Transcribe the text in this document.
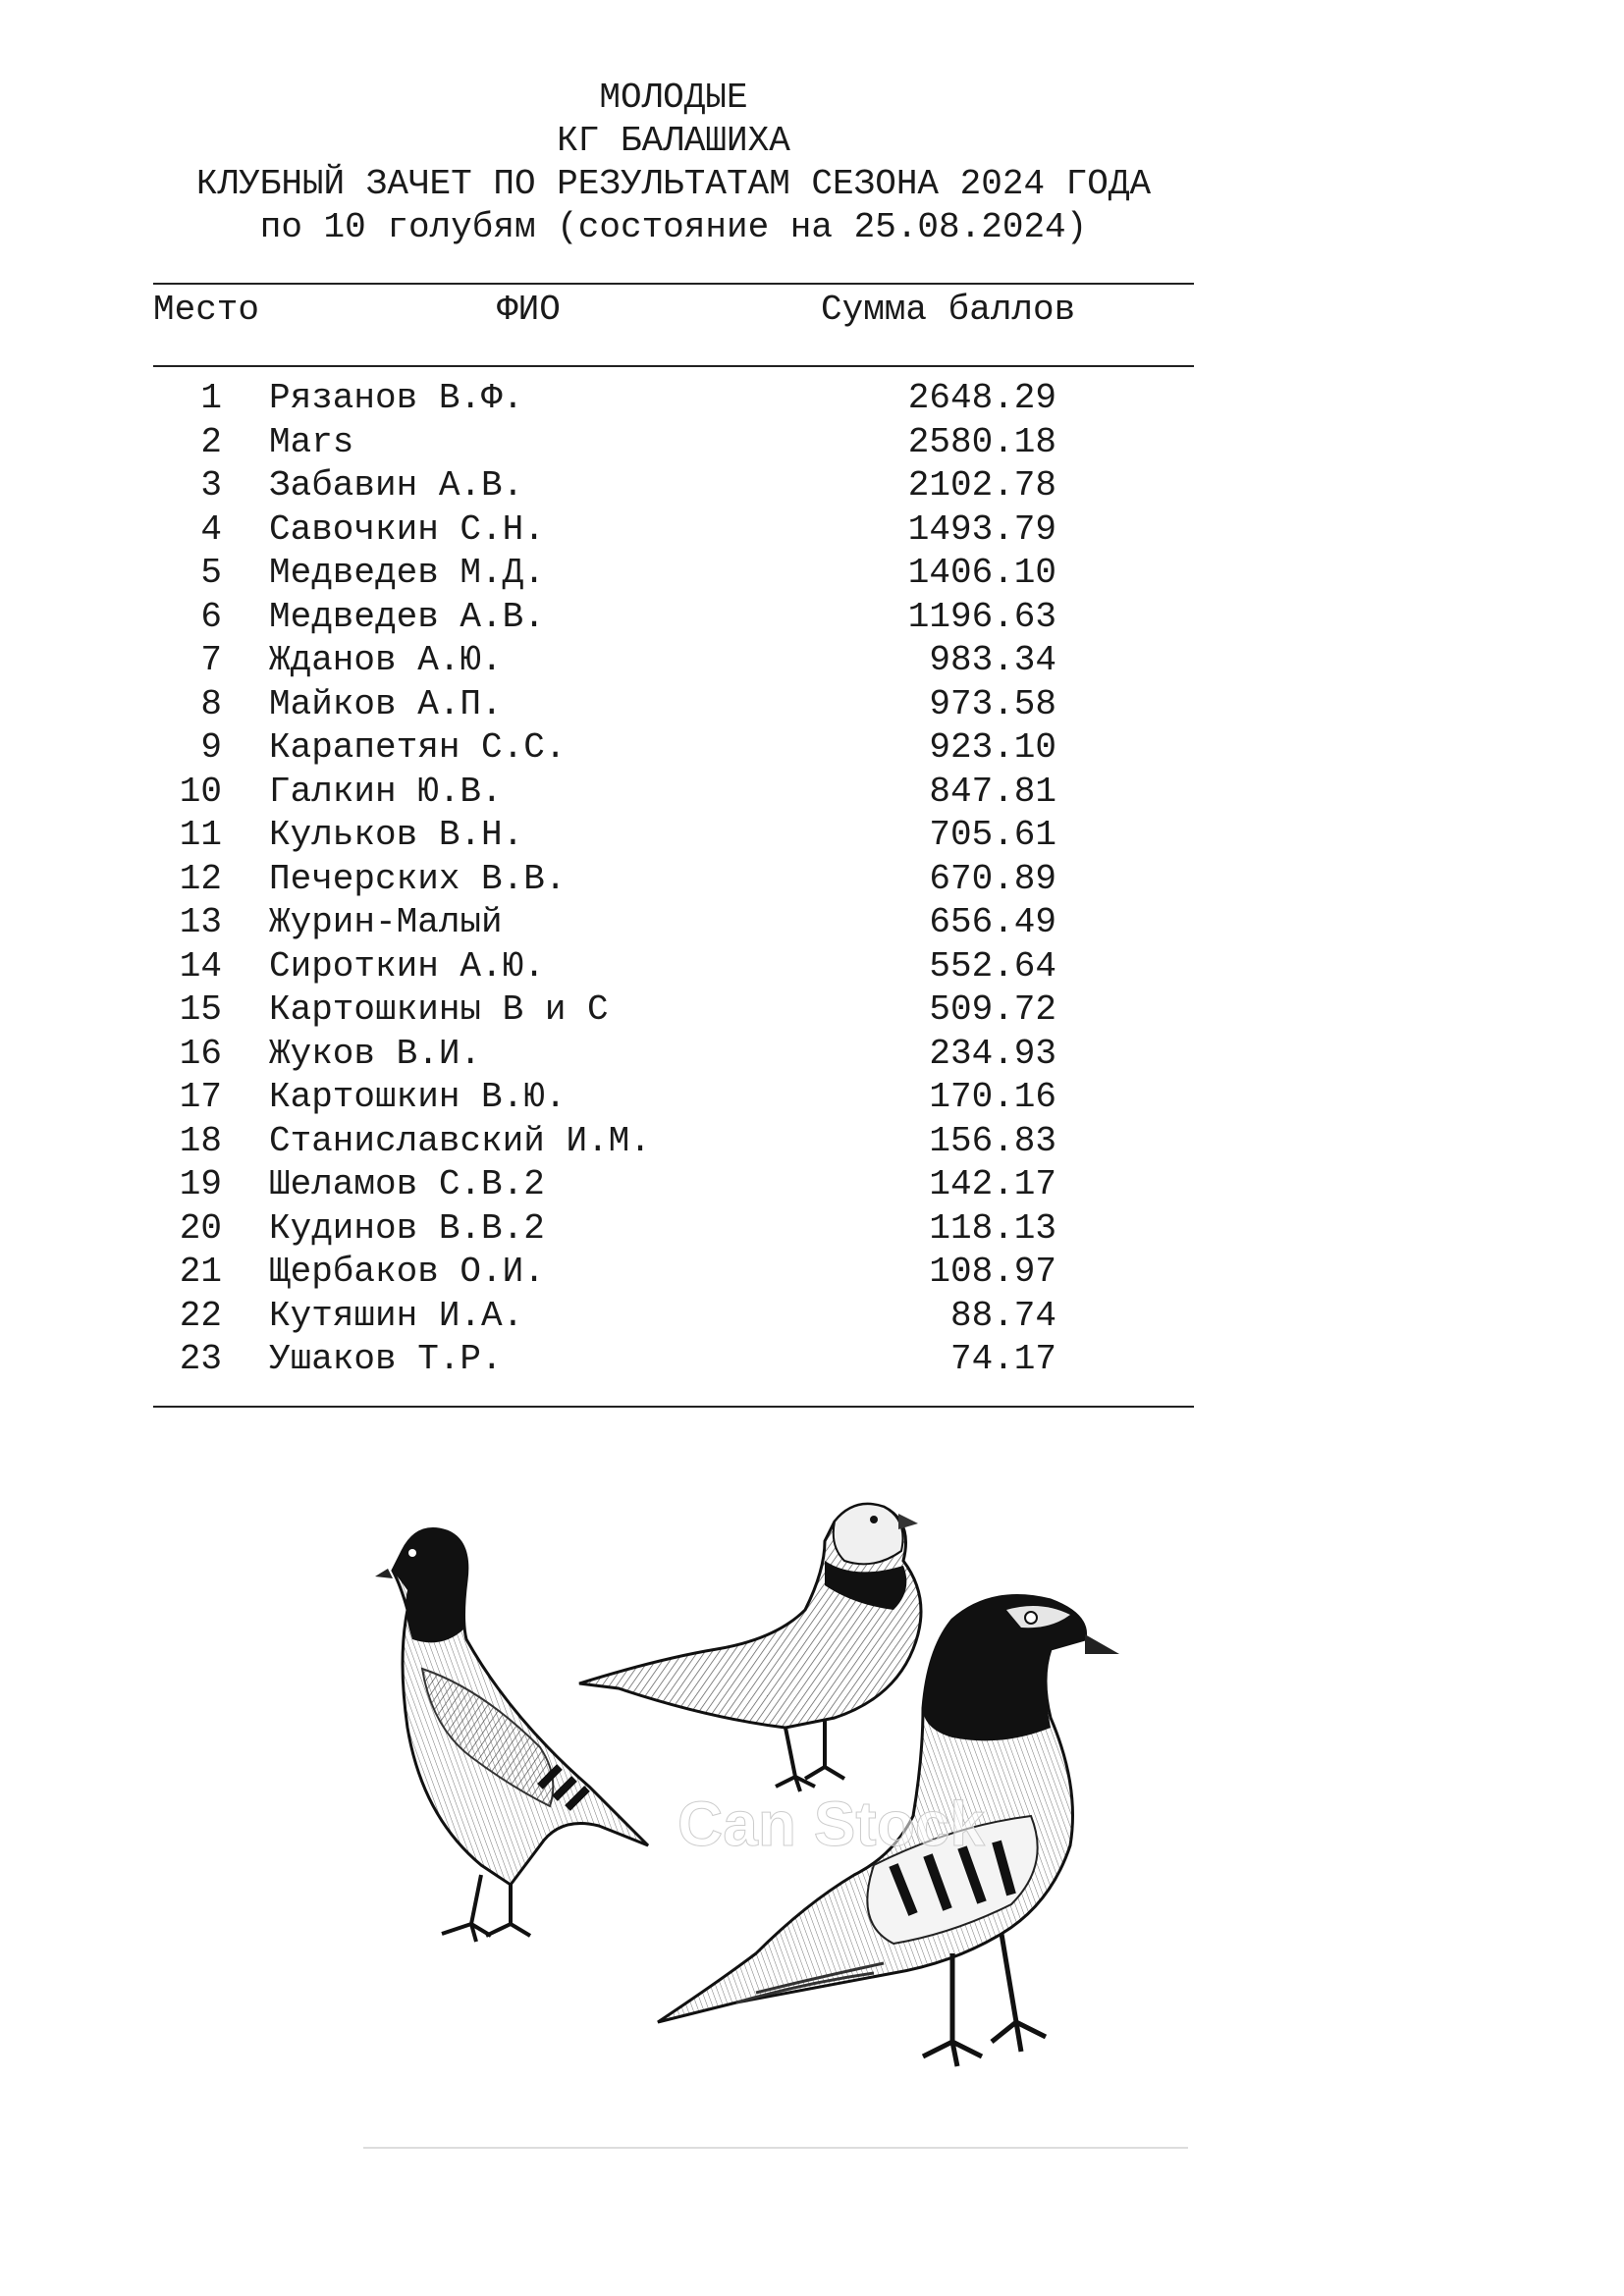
МОЛОДЫЕ
КГ БАЛАШИХА
КЛУБНЫЙ ЗАЧЕТ ПО РЕЗУЛЬТАТАМ СЕЗОНА 2024 ГОДА
по 10 голубям (состояние на 25.08.2024)
Место	ФИО	Сумма баллов
1 Рязанов В.Ф.	2648.29
2 Mars	2580.18
3 Забавин А.В.	2102.78
4 Савочкин С.Н.	1493.79
5 Медведев М.Д.	1406.10
6 Медведев А.В.	1196.63
7 Жданов А.Ю.	983.34
8 Майков А.П.	973.58
9 Карапетян С.С.	923.10
10 Галкин Ю.В.	847.81
11 Кульков В.Н.	705.61
12 Печерских В.В.	670.89
13 Журин-Малый	656.49
14 Сироткин А.Ю.	552.64
15 Картошкины В и С	509.72
16 Жуков В.И.	234.93
17 Картошкин В.Ю.	170.16
18 Станиславский И.М.	156.83
19 Шеламов С.В.2	142.17
20 Кудинов В.В.2	118.13
21 Щербаков О.И.	108.97
22 Кутяшин И.А.	88.74
23 Ушаков Т.Р.	74.17
Can Stock
